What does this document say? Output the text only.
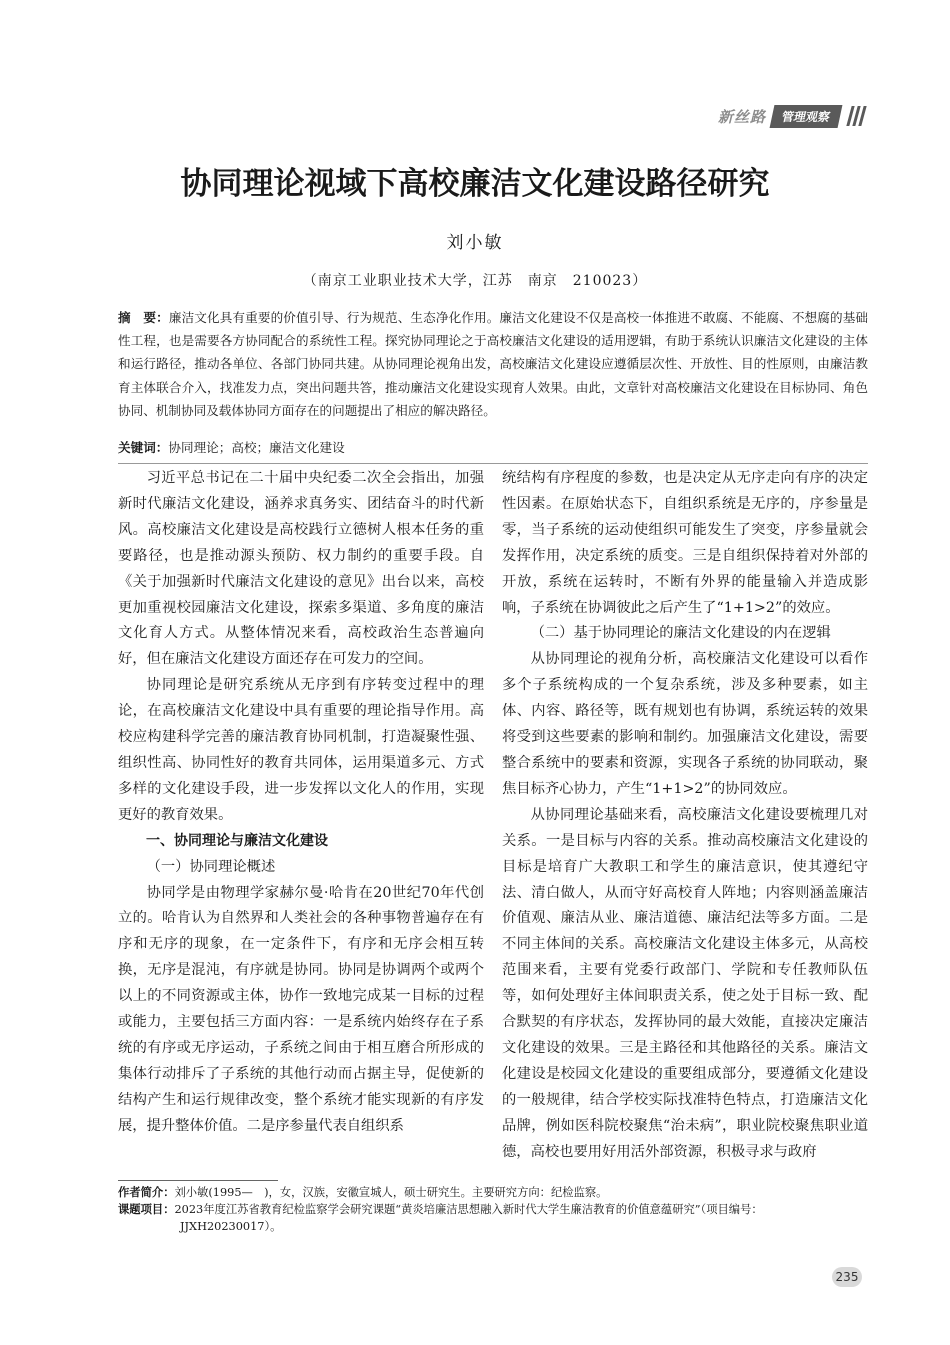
新丝路	管理观察
协同理论视域下高校廉洁文化建设路径研究
刘小敏
（南京工业职业技术大学，江苏　南京　210023）
摘　要：廉洁文化具有重要的价值引导、行为规范、生态净化作用。廉洁文化建设不仅是高校一体推进不敢腐、不能腐、不想腐的基础性工程，也是需要各方协同配合的系统性工程。探究协同理论之于高校廉洁文化建设的适用逻辑，有助于系统认识廉洁文化建设的主体和运行路径，推动各单位、各部门协同共建。从协同理论视角出发，高校廉洁文化建设应遵循层次性、开放性、目的性原则，由廉洁教育主体联合介入，找准发力点，突出问题共答，推动廉洁文化建设实现育人效果。由此，文章针对高校廉洁文化建设在目标协同、角色协同、机制协同及载体协同方面存在的问题提出了相应的解决路径。
关键词：协同理论；高校；廉洁文化建设

习近平总书记在二十届中央纪委二次全会指出，加强新时代廉洁文化建设，涵养求真务实、团结奋斗的时代新风。高校廉洁文化建设是高校践行立德树人根本任务的重要路径，也是推动源头预防、权力制约的重要手段。自《关于加强新时代廉洁文化建设的意见》出台以来，高校更加重视校园廉洁文化建设，探索多渠道、多角度的廉洁文化育人方式。从整体情况来看，高校政治生态普遍向好，但在廉洁文化建设方面还存在可发力的空间。

协同理论是研究系统从无序到有序转变过程中的理论，在高校廉洁文化建设中具有重要的理论指导作用。高校应构建科学完善的廉洁教育协同机制，打造凝聚性强、组织性高、协同性好的教育共同体，运用渠道多元、方式多样的文化建设手段，进一步发挥以文化人的作用，实现更好的教育效果。

一、协同理论与廉洁文化建设
（一）协同理论概述

协同学是由物理学家赫尔曼·哈肯在20世纪70年代创立的。哈肯认为自然界和人类社会的各种事物普遍存在有序和无序的现象，在一定条件下，有序和无序会相互转换，无序是混沌，有序就是协同。协同是协调两个或两个以上的不同资源或主体，协作一致地完成某一目标的过程或能力，主要包括三方面内容：一是系统内始终存在子系统的有序或无序运动，子系统之间由于相互磨合所形成的集体行动排斥了子系统的其他行动而占据主导，促使新的结构产生和运行规律改变，整个系统才能实现新的有序发展，提升整体价值。二是序参量代表自组织系

统结构有序程度的参数，也是决定从无序走向有序的决定性因素。在原始状态下，自组织系统是无序的，序参量是零，当子系统的运动使组织可能发生了突变，序参量就会发挥作用，决定系统的质变。三是自组织保持着对外部的开放，系统在运转时，不断有外界的能量输入并造成影响，子系统在协调彼此之后产生了“1+1>2”的效应。

（二）基于协同理论的廉洁文化建设的内在逻辑

从协同理论的视角分析，高校廉洁文化建设可以看作多个子系统构成的一个复杂系统，涉及多种要素，如主体、内容、路径等，既有规划也有协调，系统运转的效果将受到这些要素的影响和制约。加强廉洁文化建设，需要整合系统中的要素和资源，实现各子系统的协同联动，聚焦目标齐心协力，产生“1+1>2”的协同效应。

从协同理论基础来看，高校廉洁文化建设要梳理几对关系。一是目标与内容的关系。推动高校廉洁文化建设的目标是培育广大教职工和学生的廉洁意识，使其遵纪守法、清白做人，从而守好高校育人阵地；内容则涵盖廉洁价值观、廉洁从业、廉洁道德、廉洁纪法等多方面。二是不同主体间的关系。高校廉洁文化建设主体多元，从高校范围来看，主要有党委行政部门、学院和专任教师队伍等，如何处理好主体间职责关系，使之处于目标一致、配合默契的有序状态，发挥协同的最大效能，直接决定廉洁文化建设的效果。三是主路径和其他路径的关系。廉洁文化建设是校园文化建设的重要组成部分，要遵循文化建设的一般规律，结合学校实际找准特色特点，打造廉洁文化品牌，例如医科院校聚焦“治未病”，职业院校聚焦职业道德，高校也要用好用活外部资源，积极寻求与政府

作者简介：刘小敏(1995—　)，女，汉族，安徽宣城人，硕士研究生。主要研究方向：纪检监察。
课题项目：2023年度江苏省教育纪检监察学会研究课题“黄炎培廉洁思想融入新时代大学生廉洁教育的价值意蕴研究”（项目编号：
JJXH20230017）。
235
